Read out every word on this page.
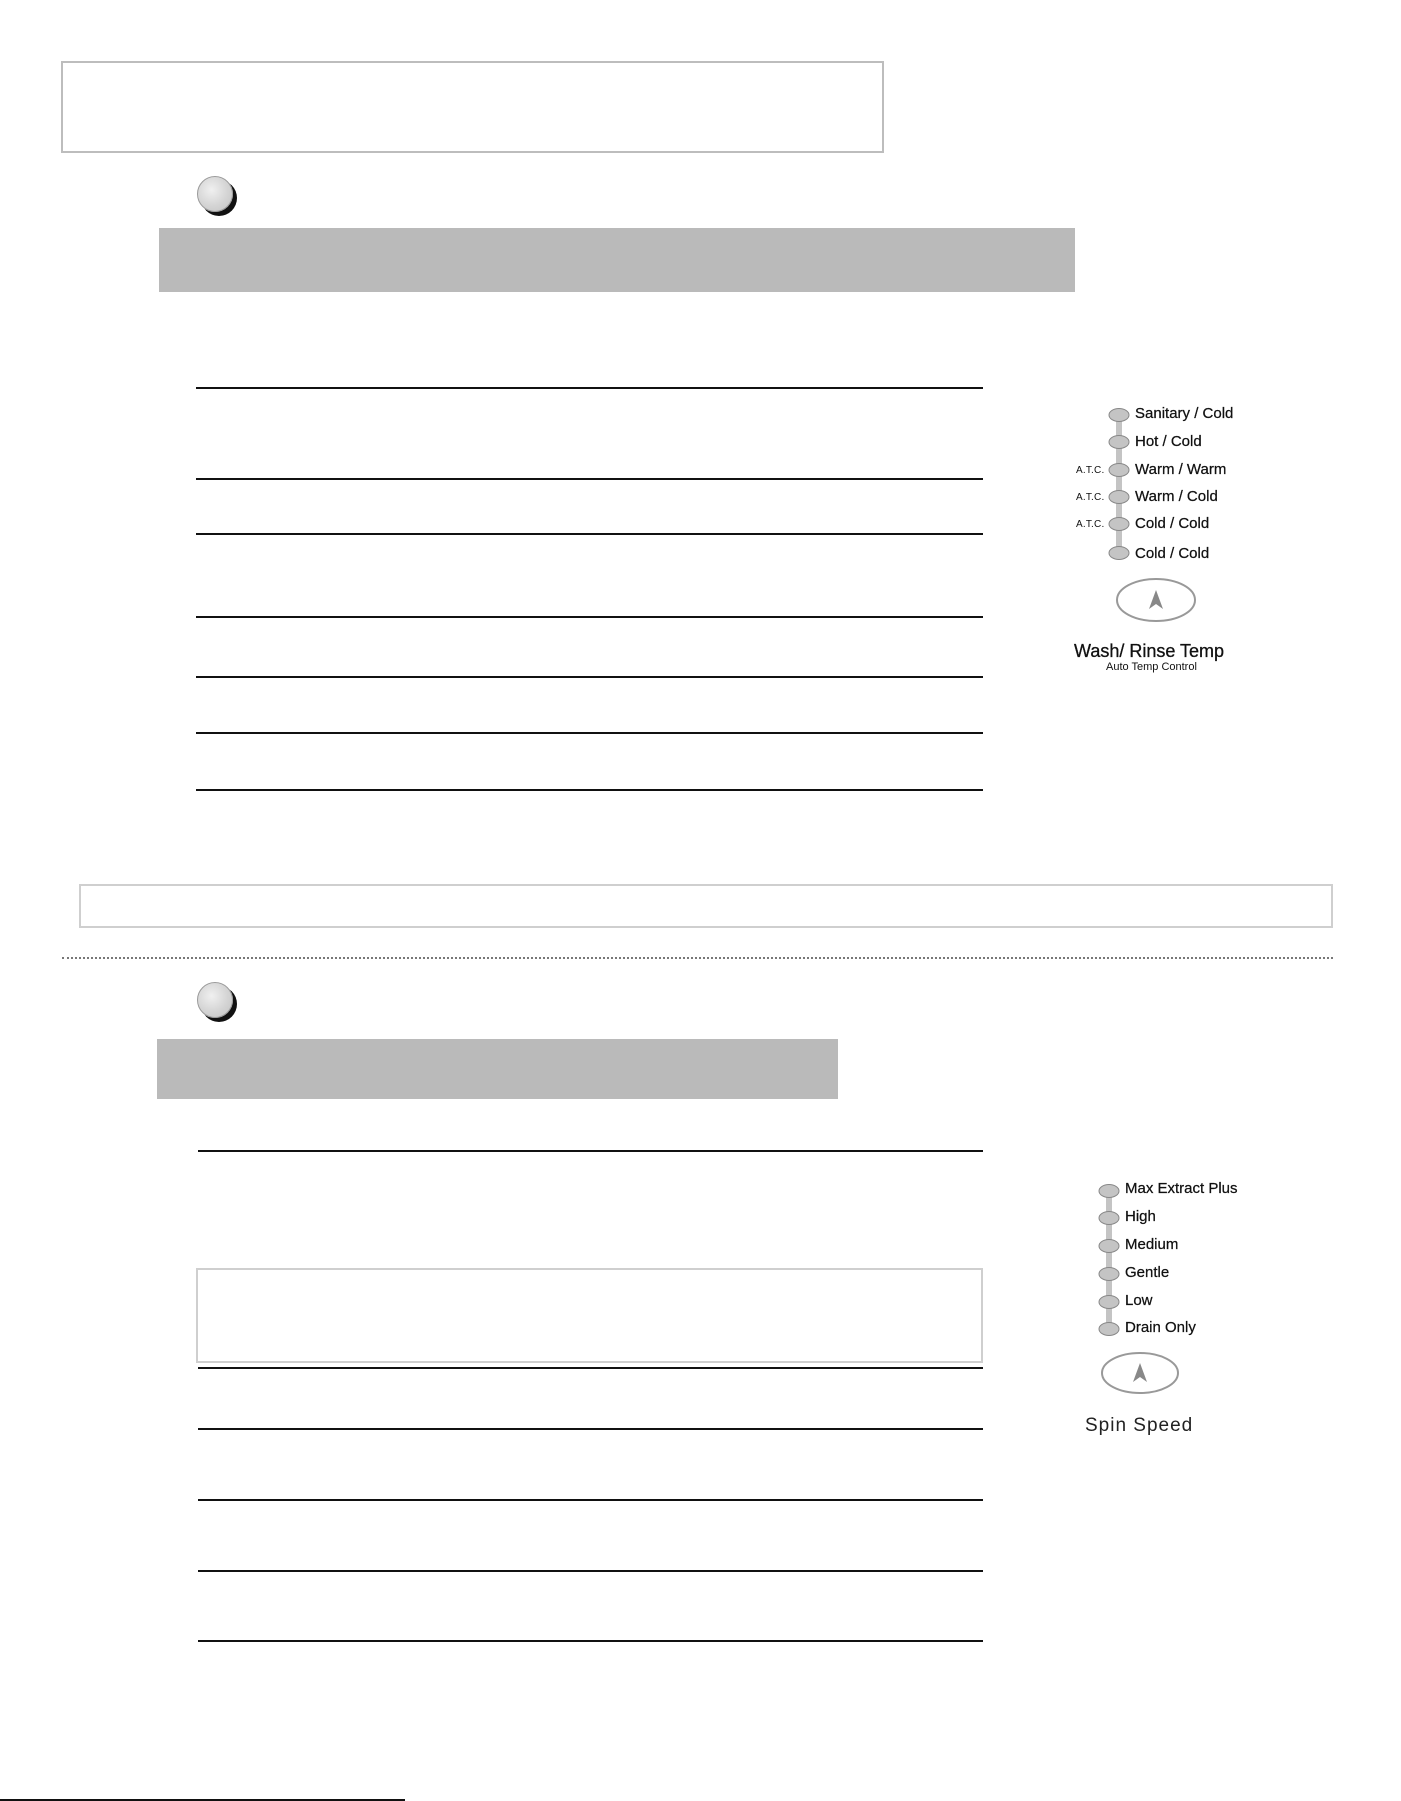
Sanitary / Cold
Hot / Cold
A.T.C. Warm / Warm
A.T.C. Warm / Cold
A.T.C. Cold / Cold
Cold / Cold
Wash/ Rinse Temp
Auto Temp Control
Max Extract Plus
High
Medium
Gentle
Low
Drain Only
Spin Speed
